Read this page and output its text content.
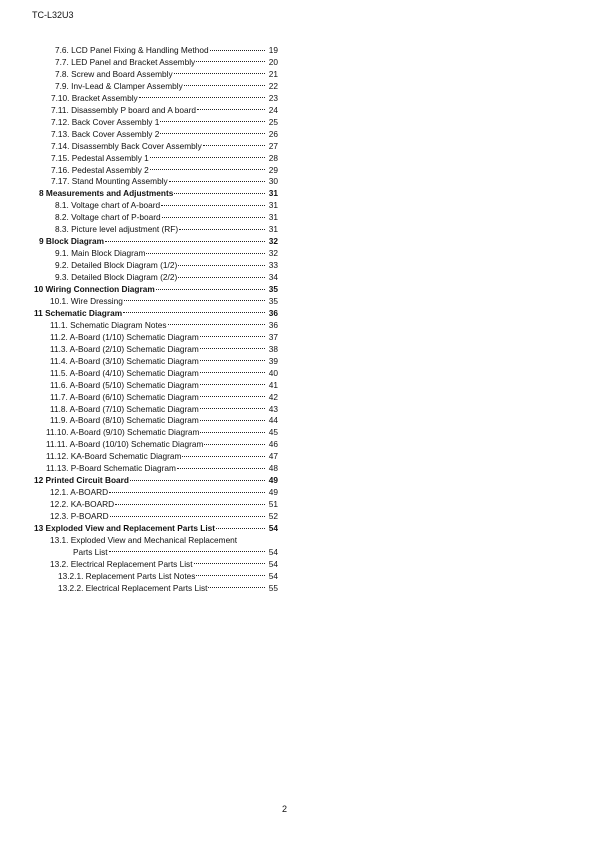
TC-L32U3
7.6. LCD Panel Fixing & Handling Method	19
7.7. LED Panel and Bracket Assembly	20
7.8. Screw and Board Assembly	21
7.9. Inv-Lead & Clamper Assembly	22
7.10. Bracket Assembly	23
7.11. Disassembly P board and A board	24
7.12. Back Cover Assembly 1	25
7.13. Back Cover Assembly 2	26
7.14. Disassembly Back Cover Assembly	27
7.15. Pedestal Assembly 1	28
7.16. Pedestal Assembly 2	29
7.17. Stand Mounting Assembly	30
8 Measurements and Adjustments	31
8.1. Voltage chart of A-board	31
8.2. Voltage chart of P-board	31
8.3. Picture level adjustment (RF)	31
9 Block Diagram	32
9.1. Main Block Diagram	32
9.2. Detailed Block Diagram (1/2)	33
9.3. Detailed Block Diagram (2/2)	34
10 Wiring Connection Diagram	35
10.1. Wire Dressing	35
11 Schematic Diagram	36
11.1. Schematic Diagram Notes	36
11.2. A-Board (1/10) Schematic Diagram	37
11.3. A-Board (2/10) Schematic Diagram	38
11.4. A-Board (3/10) Schematic Diagram	39
11.5. A-Board (4/10) Schematic Diagram	40
11.6. A-Board (5/10) Schematic Diagram	41
11.7. A-Board (6/10) Schematic Diagram	42
11.8. A-Board (7/10) Schematic Diagram	43
11.9. A-Board (8/10) Schematic Diagram	44
11.10. A-Board (9/10) Schematic Diagram	45
11.11. A-Board (10/10) Schematic Diagram	46
11.12. KA-Board Schematic Diagram	47
11.13. P-Board Schematic Diagram	48
12 Printed Circuit Board	49
12.1. A-BOARD	49
12.2. KA-BOARD	51
12.3. P-BOARD	52
13 Exploded View and Replacement Parts List	54
13.1. Exploded View and Mechanical Replacement
Parts List	54
13.2. Electrical Replacement Parts List	54
13.2.1. Replacement Parts List Notes	54
13.2.2. Electrical Replacement Parts List	55
2
